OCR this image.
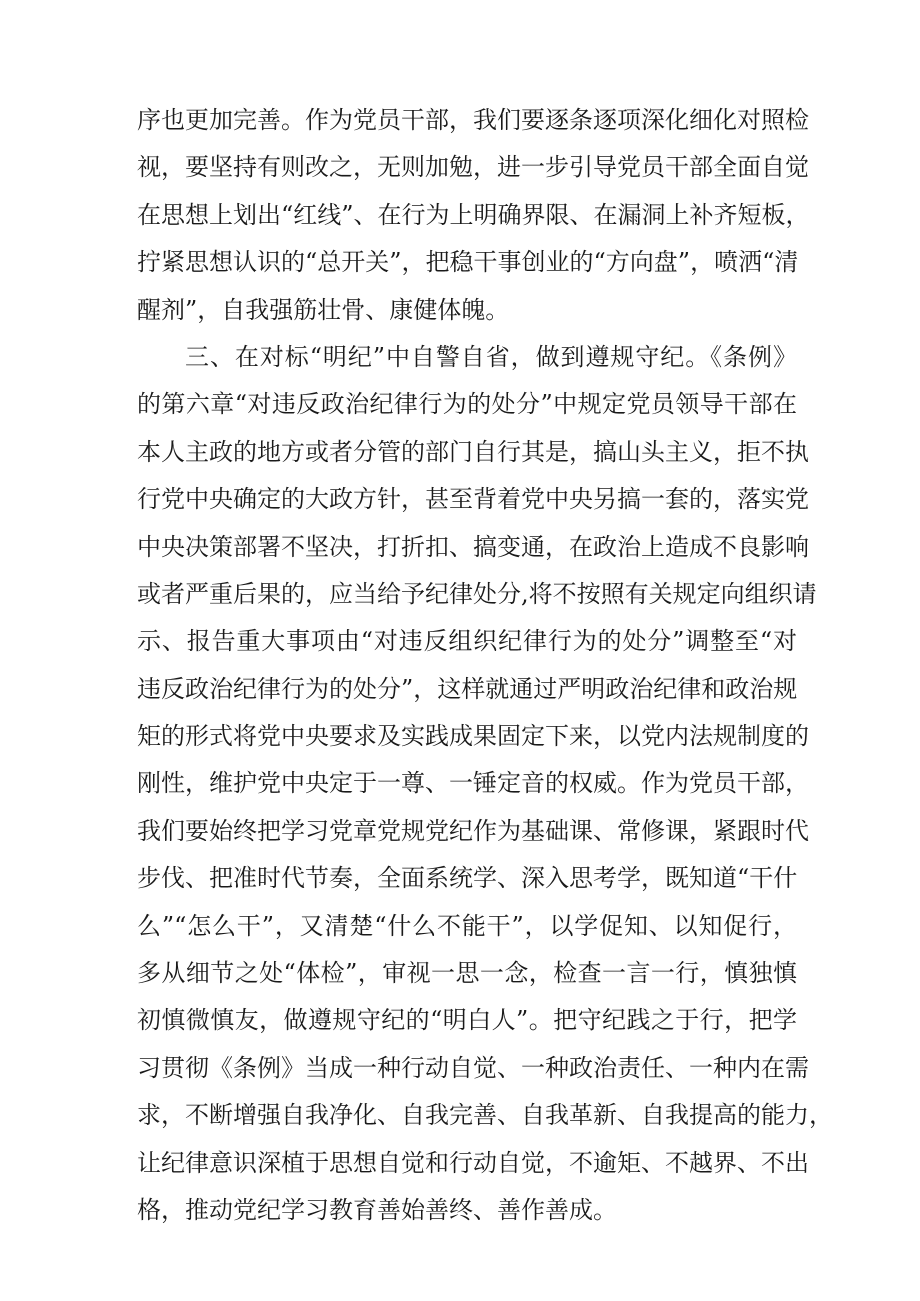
序也更加完善。作为党员干部，我们要逐条逐项深化细化对照检
视，要坚持有则改之，无则加勉，进一步引导党员干部全面自觉
在思想上划出“红线”、在行为上明确界限、在漏洞上补齐短板，
拧紧思想认识的“总开关”，把稳干事创业的“方向盘”，喷洒“清
醒剂”，自我强筋壮骨、康健体魄。
三、在对标“明纪”中自警自省，做到遵规守纪。《条例》
的第六章“对违反政治纪律行为的处分”中规定党员领导干部在
本人主政的地方或者分管的部门自行其是，搞山头主义，拒不执
行党中央确定的大政方针，甚至背着党中央另搞一套的，落实党
中央决策部署不坚决，打折扣、搞变通，在政治上造成不良影响
或者严重后果的，应当给予纪律处分,将不按照有关规定向组织请
示、报告重大事项由“对违反组织纪律行为的处分”调整至“对
违反政治纪律行为的处分”，这样就通过严明政治纪律和政治规
矩的形式将党中央要求及实践成果固定下来，以党内法规制度的
刚性，维护党中央定于一尊、一锤定音的权威。作为党员干部，
我们要始终把学习党章党规党纪作为基础课、常修课，紧跟时代
步伐、把准时代节奏，全面系统学、深入思考学，既知道“干什
么”“怎么干”，又清楚“什么不能干”，以学促知、以知促行，
多从细节之处“体检”，审视一思一念，检查一言一行，慎独慎
初慎微慎友，做遵规守纪的“明白人”。把守纪践之于行，把学
习贯彻《条例》当成一种行动自觉、一种政治责任、一种内在需
求，不断增强自我净化、自我完善、自我革新、自我提高的能力，
让纪律意识深植于思想自觉和行动自觉，不逾矩、不越界、不出
格，推动党纪学习教育善始善终、善作善成。
